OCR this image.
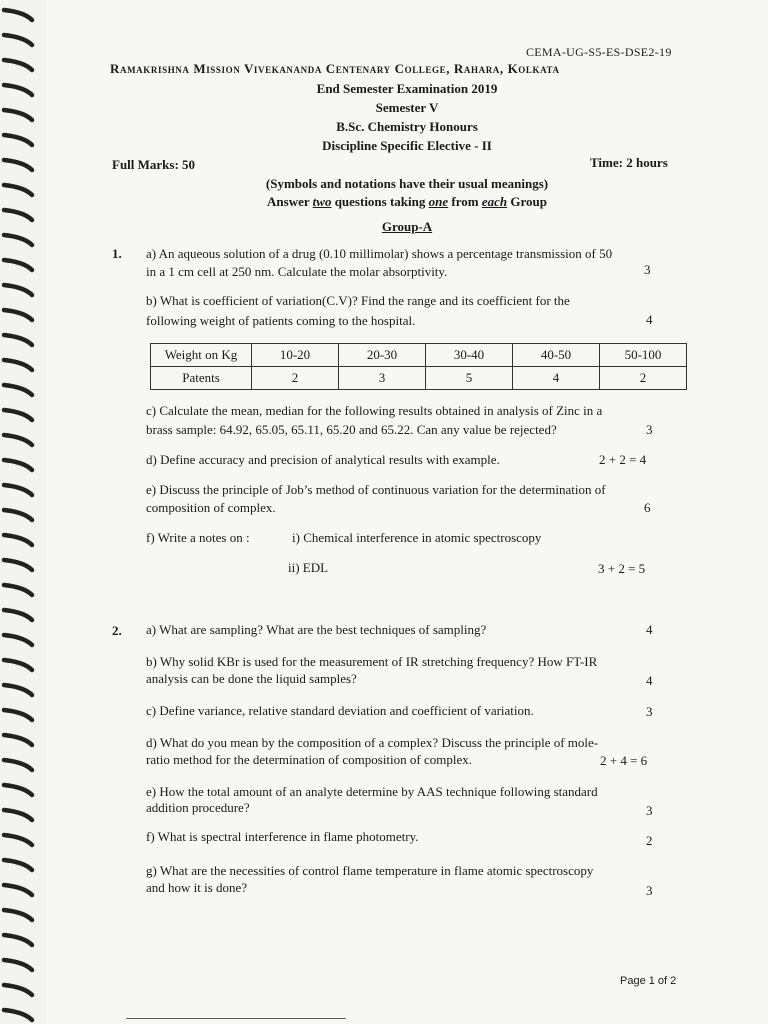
CEMA-UG-S5-ES-DSE2-19
Ramakrishna Mission Vivekananda Centenary College, Rahara, Kolkata
End Semester Examination 2019
Semester V
B.Sc. Chemistry Honours
Discipline Specific Elective - II
Full Marks: 50	Time: 2 hours
(Symbols and notations have their usual meanings)
Answer two questions taking one from each Group
Group-A
1. a) An aqueous solution of a drug (0.10 millimolar) shows a percentage transmission of 50
in a 1 cm cell at 250 nm. Calculate the molar absorptivity.	3
b) What is coefficient of variation(C.V)? Find the range and its coefficient for the
following weight of patients coming to the hospital.	4
Weight on Kg	10-20	20-30	30-40	40-50	50-100
Patents	2	3	5	4	2
c) Calculate the mean, median for the following results obtained in analysis of Zinc in a
brass sample: 64.92, 65.05, 65.11, 65.20 and 65.22. Can any value be rejected?	3
d) Define accuracy and precision of analytical results with example.	2 + 2 = 4
e) Discuss the principle of Job’s method of continuous variation for the determination of
composition of complex.	6
f) Write a notes on :	i) Chemical interference in atomic spectroscopy
ii) EDL	3 + 2 = 5
2. a) What are sampling? What are the best techniques of sampling?	4
b) Why solid KBr is used for the measurement of IR stretching frequency? How FT-IR
analysis can be done the liquid samples?	4
c) Define variance, relative standard deviation and coefficient of variation.	3
d) What do you mean by the composition of a complex? Discuss the principle of mole-
ratio method for the determination of composition of complex.	2 + 4 = 6
e) How the total amount of an analyte determine by AAS technique following standard
addition procedure?	3
f) What is spectral interference in flame photometry.	2
g) What are the necessities of control flame temperature in flame atomic spectroscopy
and how it is done?	3
Page 1 of 2
